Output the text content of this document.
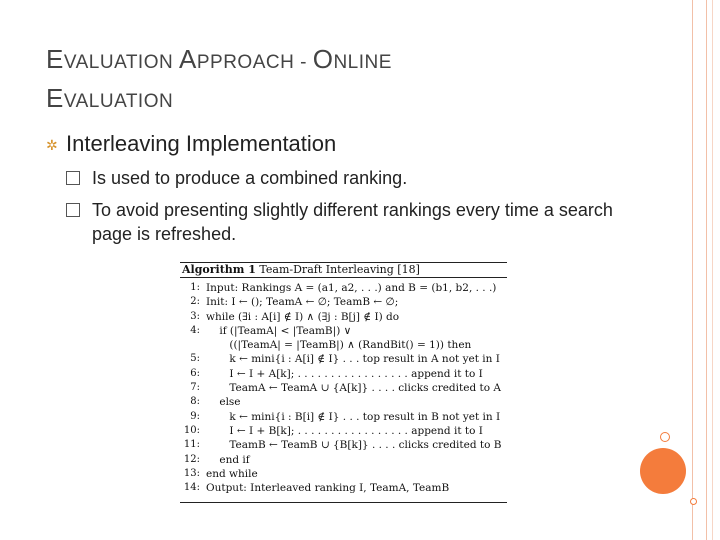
EVALUATION APPROACH - ONLINE
EVALUATION
✲ Interleaving Implementation
Is used to produce a combined ranking.
To avoid presenting slightly different rankings every time a search page is refreshed.
Algorithm 1 Team-Draft Interleaving [18]
1: Input: Rankings A = (a1, a2, . . .) and B = (b1, b2, . . .)
2: Init: I ← (); TeamA ← ∅; TeamB ← ∅;
3: while (∃i : A[i] ∉ I) ∧ (∃j : B[j] ∉ I) do
4: if (|TeamA| < |TeamB|) ∨
((|TeamA| = |TeamB|) ∧ (RandBit() = 1)) then
5: k ← mini{i : A[i] ∉ I} . . . top result in A not yet in I
6: I ← I + A[k]; . . . . . . . . . . . . . . . . . append it to I
7: TeamA ← TeamA ∪ {A[k]} . . . . clicks credited to A
8: else
9: k ← mini{i : B[i] ∉ I} . . . top result in B not yet in I
10: I ← I + B[k]; . . . . . . . . . . . . . . . . . append it to I
11: TeamB ← TeamB ∪ {B[k]} . . . . clicks credited to B
12: end if
13: end while
14: Output: Interleaved ranking I, TeamA, TeamB
